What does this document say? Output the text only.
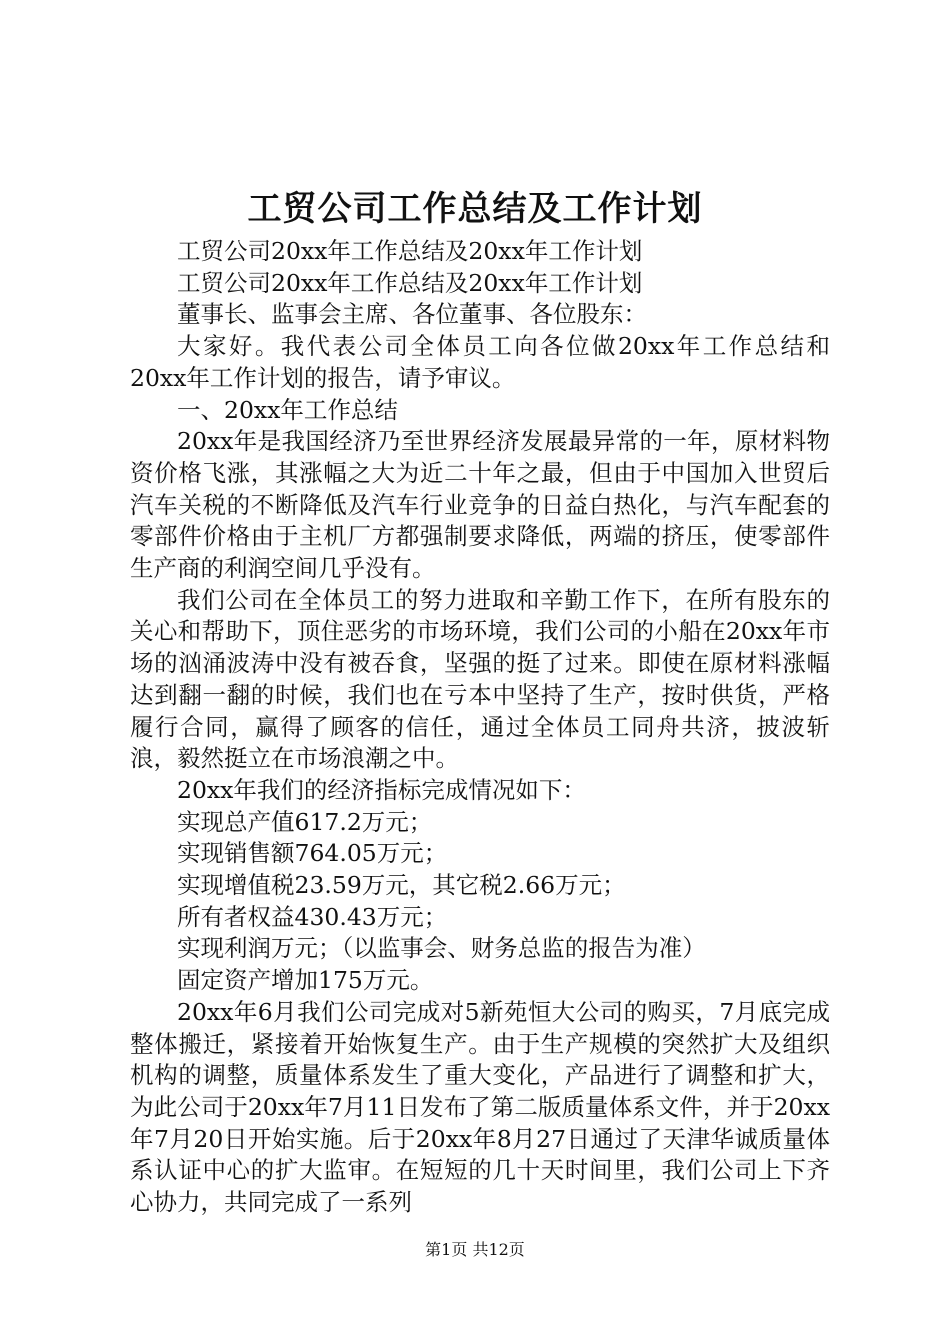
工贸公司工作总结及工作计划

工贸公司20xx年工作总结及20xx年工作计划

工贸公司20xx年工作总结及20xx年工作计划

董事长、监事会主席、各位董事、各位股东：

大家好。我代表公司全体员工向各位做20xx年工作总结和20xx年工作计划的报告，请予审议。

一、20xx年工作总结

20xx年是我国经济乃至世界经济发展最异常的一年，原材料物资价格飞涨，其涨幅之大为近二十年之最，但由于中国加入世贸后汽车关税的不断降低及汽车行业竞争的日益白热化，与汽车配套的零部件价格由于主机厂方都强制要求降低，两端的挤压，使零部件生产商的利润空间几乎没有。

我们公司在全体员工的努力进取和辛勤工作下，在所有股东的关心和帮助下，顶住恶劣的市场环境，我们公司的小船在20xx年市场的汹涌波涛中没有被吞食，坚强的挺了过来。即使在原材料涨幅达到翻一翻的时候，我们也在亏本中坚持了生产，按时供货，严格履行合同，赢得了顾客的信任，通过全体员工同舟共济，披波斩浪，毅然挺立在市场浪潮之中。

20xx年我们的经济指标完成情况如下：

实现总产值617.2万元；

实现销售额764.05万元；

实现增值税23.59万元，其它税2.66万元；

所有者权益430.43万元；

实现利润万元；（以监事会、财务总监的报告为准）

固定资产增加175万元。

20xx年6月我们公司完成对5新苑恒大公司的购买，7月底完成整体搬迁，紧接着开始恢复生产。由于生产规模的突然扩大及组织机构的调整，质量体系发生了重大变化，产品进行了调整和扩大，为此公司于20xx年7月11日发布了第二版质量体系文件，并于20xx年7月20日开始实施。后于20xx年8月27日通过了天津华诚质量体系认证中心的扩大监审。在短短的几十天时间里，我们公司上下齐心协力，共同完成了一系列

第1页 共12页
